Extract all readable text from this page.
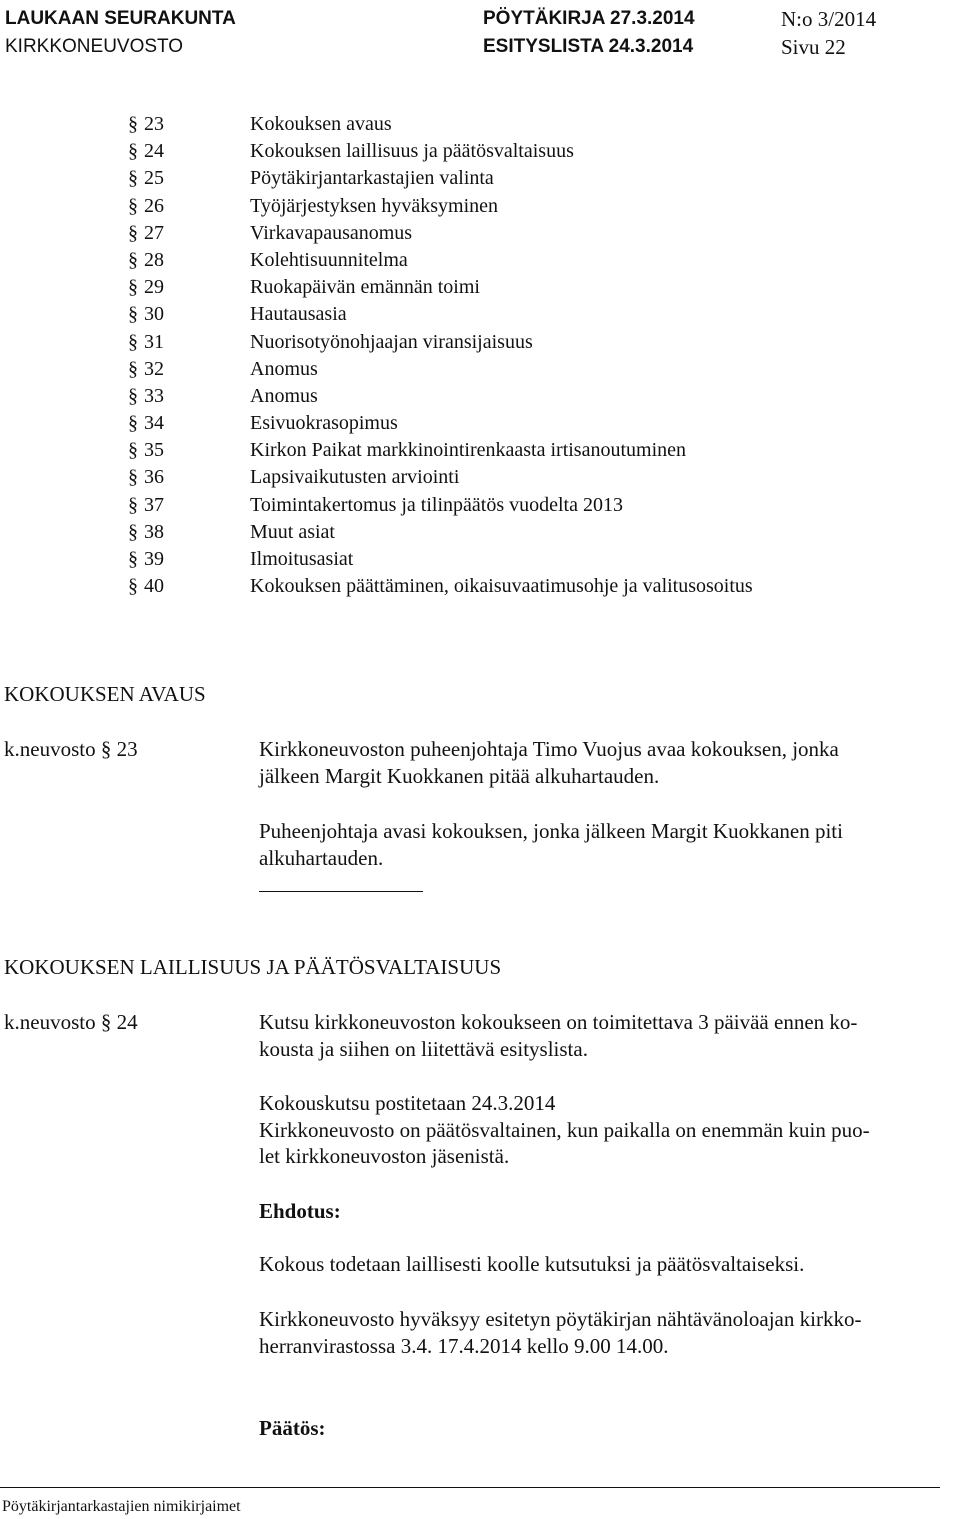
LAUKAAN SEURAKUNTA	PÖYTÄKIRJA 27.3.2014	N:o 3/2014
KIRKKONEUVOSTO	ESITYSLISTA 24.3.2014	Sivu 22
§ 23	Kokouksen avaus
§ 24	Kokouksen laillisuus ja päätösvaltaisuus
§ 25	Pöytäkirjantarkastajien valinta
§ 26	Työjärjestyksen hyväksyminen
§ 27	Virkavapausanomus
§ 28	Kolehtisuunnitelma
§ 29	Ruokapäivän emännän toimi
§ 30	Hautausasia
§ 31	Nuorisotyönohjaajan viransijaisuus
§ 32	Anomus
§ 33	Anomus
§ 34	Esivuokrasopimus
§ 35	Kirkon Paikat markkinointirenkaasta irtisanoutuminen
§ 36	Lapsivaikutusten arviointi
§ 37	Toimintakertomus ja tilinpäätös vuodelta 2013
§ 38	Muut asiat
§ 39	Ilmoitusasiat
§ 40	Kokouksen päättäminen, oikaisuvaatimusohje ja valitusosoitus
KOKOUKSEN AVAUS
k.neuvosto § 23	Kirkkoneuvoston puheenjohtaja Timo Vuojus avaa kokouksen, jonka

jälkeen Margit Kuokkanen pitää alkuhartauden.

Puheenjohtaja avasi kokouksen, jonka jälkeen Margit Kuokkanen piti

alkuhartauden.

KOKOUKSEN LAILLISUUS JA PÄÄTÖSVALTAISUUS
k.neuvosto § 24	Kutsu kirkkoneuvoston kokoukseen on toimitettava 3 päivää ennen ko-

kousta ja siihen on liitettävä esityslista.

Kokouskutsu postitetaan 24.3.2014

Kirkkoneuvosto on päätösvaltainen, kun paikalla on enemmän kuin puo-

let kirkkoneuvoston jäsenistä.

Ehdotus:

Kokous todetaan laillisesti koolle kutsutuksi ja päätösvaltaiseksi.

Kirkkoneuvosto hyväksyy esitetyn pöytäkirjan nähtävänoloajan kirkko-

herranvirastossa 3.4. 17.4.2014 kello 9.00 14.00.

Päätös:

Pöytäkirjantarkastajien nimikirjaimet
